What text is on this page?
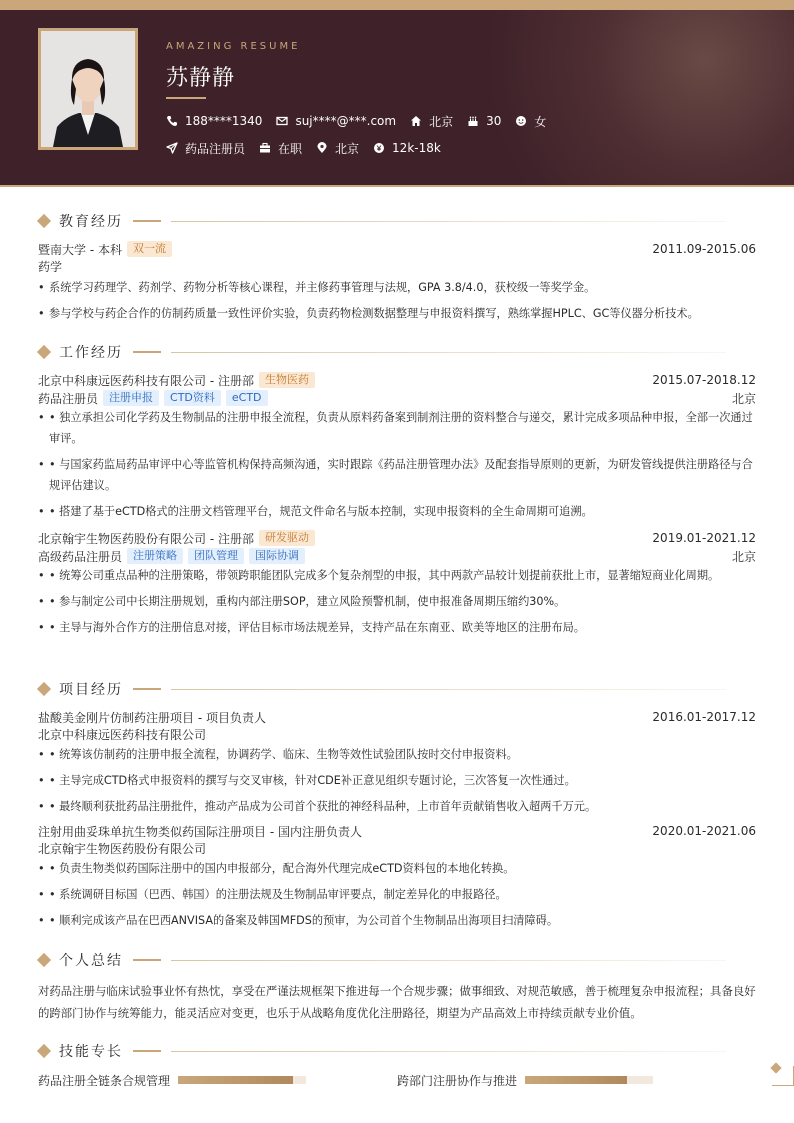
AMAZING RESUME
苏静静
188****1340	suj****@***.com	北京	30	女
药品注册员	在职	北京	12k-18k
教育经历
暨南大学 - 本科	双一流	2011.09-2015.06
药学
• 系统学习药理学、药剂学、药物分析等核心课程，并主修药事管理与法规，GPA 3.8/4.0，获校级一等奖学金。
• 参与学校与药企合作的仿制药质量一致性评价实验，负责药物检测数据整理与申报资料撰写，熟练掌握HPLC、GC等仪器分析技术。
工作经历
北京中科康远医药科技有限公司 - 注册部	生物医药	2015.07-2018.12
药品注册员	注册申报	CTD资料	eCTD	北京
• • 独立承担公司化学药及生物制品的注册申报全流程，负责从原料药备案到制剂注册的资料整合与递交，累计完成多项品种申报，全部一次通过审评。
• • 与国家药监局药品审评中心等监管机构保持高频沟通，实时跟踪《药品注册管理办法》及配套指导原则的更新，为研发管线提供注册路径与合规评估建议。
• • 搭建了基于eCTD格式的注册文档管理平台，规范文件命名与版本控制，实现申报资料的全生命周期可追溯。
北京翰宇生物医药股份有限公司 - 注册部	研发驱动	2019.01-2021.12
高级药品注册员	注册策略	团队管理	国际协调	北京
• • 统筹公司重点品种的注册策略，带领跨职能团队完成多个复杂剂型的申报，其中两款产品较计划提前获批上市，显著缩短商业化周期。
• • 参与制定公司中长期注册规划，重构内部注册SOP，建立风险预警机制，使申报准备周期压缩约30%。
• • 主导与海外合作方的注册信息对接，评估目标市场法规差异，支持产品在东南亚、欧美等地区的注册布局。
项目经历
盐酸美金刚片仿制药注册项目 - 项目负责人	2016.01-2017.12
北京中科康远医药科技有限公司
• • 统筹该仿制药的注册申报全流程，协调药学、临床、生物等效性试验团队按时交付申报资料。
• • 主导完成CTD格式申报资料的撰写与交叉审核，针对CDE补正意见组织专题讨论，三次答复一次性通过。
• • 最终顺利获批药品注册批件，推动产品成为公司首个获批的神经科品种，上市首年贡献销售收入超两千万元。
注射用曲妥珠单抗生物类似药国际注册项目 - 国内注册负责人	2020.01-2021.06
北京翰宇生物医药股份有限公司
• • 负责生物类似药国际注册中的国内申报部分，配合海外代理完成eCTD资料包的本地化转换。
• • 系统调研目标国（巴西、韩国）的注册法规及生物制品审评要点，制定差异化的申报路径。
• • 顺利完成该产品在巴西ANVISA的备案及韩国MFDS的预审，为公司首个生物制品出海项目扫清障碍。
个人总结
对药品注册与临床试验事业怀有热忱，享受在严谨法规框架下推进每一个合规步骤；做事细致、对规范敏感，善于梳理复杂申报流程；具备良好的跨部门协作与统筹能力，能灵活应对变更，也乐于从战略角度优化注册路径，期望为产品高效上市持续贡献专业价值。
技能专长
药品注册全链条合规管理	跨部门注册协作与推进
